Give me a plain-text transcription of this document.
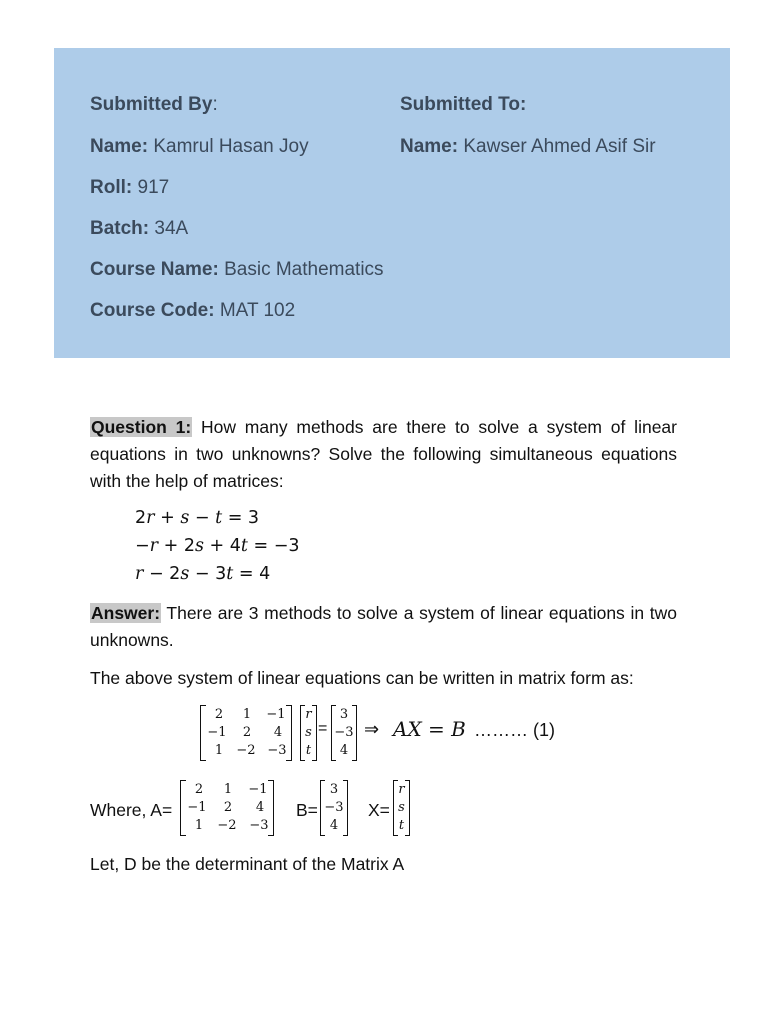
Submitted By:	Submitted To:
Name: Kamrul Hasan Joy	Name: Kawser Ahmed Asif Sir
Roll: 917
Batch: 34A
Course Name: Basic Mathematics
Course Code: MAT 102
Question 1: How many methods are there to solve a system of linear equations in two unknowns? Solve the following simultaneous equations with the help of matrices:
2r + s − t = 3
−r + 2s + 4t = −3
r − 2s − 3t = 4
Answer: There are 3 methods to solve a system of linear equations in two unknowns.
The above system of linear equations can be written in matrix form as:
2	1	−1
−1	2	4
1	−2 −3
r
s
t
=
3
−3
4
⇒ AX = B ……… (1)
Where, A=
2	1	−1
−1	2	4
1	−2 −3
B=
3
−3
4
X=
r
s
t
Let, D be the determinant of the Matrix A
